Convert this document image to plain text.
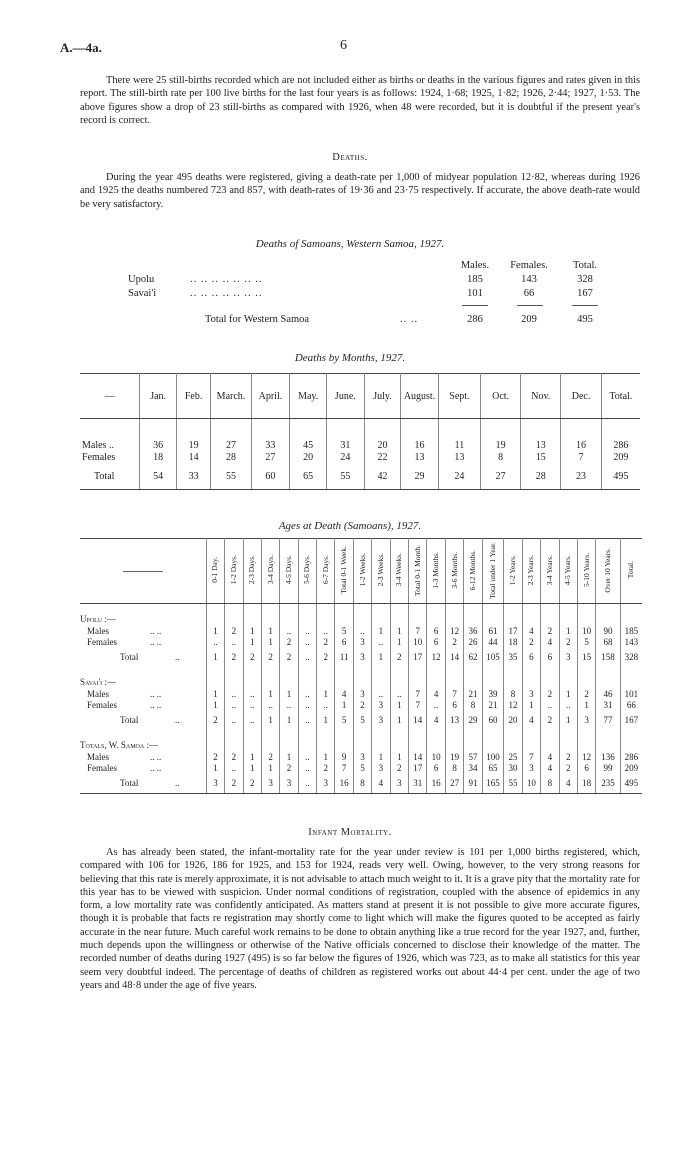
A.—4a.	6

There were 25 still-births recorded which are not included either as births or deaths in the various figures and rates given in this report. The still-birth rate per 100 live births for the last four years is as follows: 1924, 1·68; 1925, 1·82; 1926, 2·44; 1927, 1·53. The above figures show a drop of 23 still-births as compared with 1926, when 48 were recorded, but it is doubtful if the present year's record is correct.

Deaths.

During the year 495 deaths were registered, giving a death-rate per 1,000 of midyear population 12·82, whereas during 1926 and 1925 the deaths numbered 723 and 857, with death-rates of 19·36 and 23·75 respectively. If accurate, the above death-rate would be very satisfactory.

Deaths of Samoans, Western Samoa, 1927.
Males.	Females.	Total.
Upolu	.. .. .. .. .. .. ..	185	143	328
Savai'i	.. .. .. .. .. .. ..	101	66	167
Total for Western Samoa	.. ..	286	209	495
Deaths by Months, 1927.
—	Jan.	Feb.	March.	April.	May.	June.	July.	August.	Sept.	Oct.	Nov.	Dec.	Total.

Males ..	36	19	27	33	45	31	20	16	11	19	13	16	286
Females	18	14	28	27	20	24	22	13	13	8	15	7	209
Total	54	33	55	60	65	55	42	29	24	27	28	23	495
Ages at Death (Samoans), 1927.
	0-1 Day.	1-2 Days.	2-3 Days.	3-4 Days.	4-5 Days.	5-6 Days.	6-7 Days.	Total 0-1 Week.	1-2 Weeks.	2-3 Weeks.	3-4 Weeks.	Total 0-1 Month.	1-3 Months.	3-6 Months.	6-12 Months.	Total under 1 Year.	1-2 Years.	2-3 Years.	3-4 Years.	4-5 Years.	5-10 Years.	Over 10 Years.	Total.

Upolu :—																							
Males .. ..	1	2	1	1	..	..	..	5	..	1	1	7	6	12	36	61	17	4	2	1	10	90	185
Females .. ..	..	..	1	1	2	..	2	6	3	..	1	10	6	2	26	44	18	2	4	2	5	68	143
Total ..	1	2	2	2	2	..	2	11	3	1	2	17	12	14	62	105	35	6	6	3	15	158	328

Savai'i :—																							
Males .. ..	1	..	..	1	1	..	1	4	3	..	..	7	4	7	21	39	8	3	2	1	2	46	101
Females .. ..	1	..	..	..	..	..	..	1	2	3	1	7	..	6	8	21	12	1	..	..	1	31	66
Total ..	2	..	..	1	1	..	1	5	5	3	1	14	4	13	29	60	20	4	2	1	3	77	167

Totals, W. Samoa :—																							
Males .. ..	2	2	1	2	1	..	1	9	3	1	1	14	10	19	57	100	25	7	4	2	12	136	286
Females .. ..	1	..	1	1	2	..	2	7	5	3	2	17	6	8	34	65	30	3	4	2	6	99	209
Total ..	3	2	2	3	3	..	3	16	8	4	3	31	16	27	91	165	55	10	8	4	18	235	495
Infant Mortality.

As has already been stated, the infant-mortality rate for the year under review is 101 per 1,000 births registered, which, compared with 106 for 1926, 186 for 1925, and 153 for 1924, reads very well. Owing, however, to the very strong reasons for believing that this rate is merely approximate, it is not advisable to attach much weight to it. It is a grave pity that the mortality rate for this year has to be viewed with suspicion. Under normal conditions of registration, coupled with the absence of epidemics in any form, a low mortality rate was confidently anticipated. As matters stand at present it is not possible to give more accurate figures, though it is probable that facts re registration may shortly come to light which will make the figures quoted to be accepted as fairly accurate in the near future. Much careful work remains to be done to obtain anything like a true record for the year 1927, and, further, much depends upon the willingness or otherwise of the Native officials concerned to disclose their knowledge of the matter. The recorded number of deaths during 1927 (495) is so far below the figures of 1926, which was 723, as to make all statistics for this year seem very doubtful indeed. The percentage of deaths of children as registered works out about 44·4 per cent. under the age of two years and 48·8 under the age of five years.
